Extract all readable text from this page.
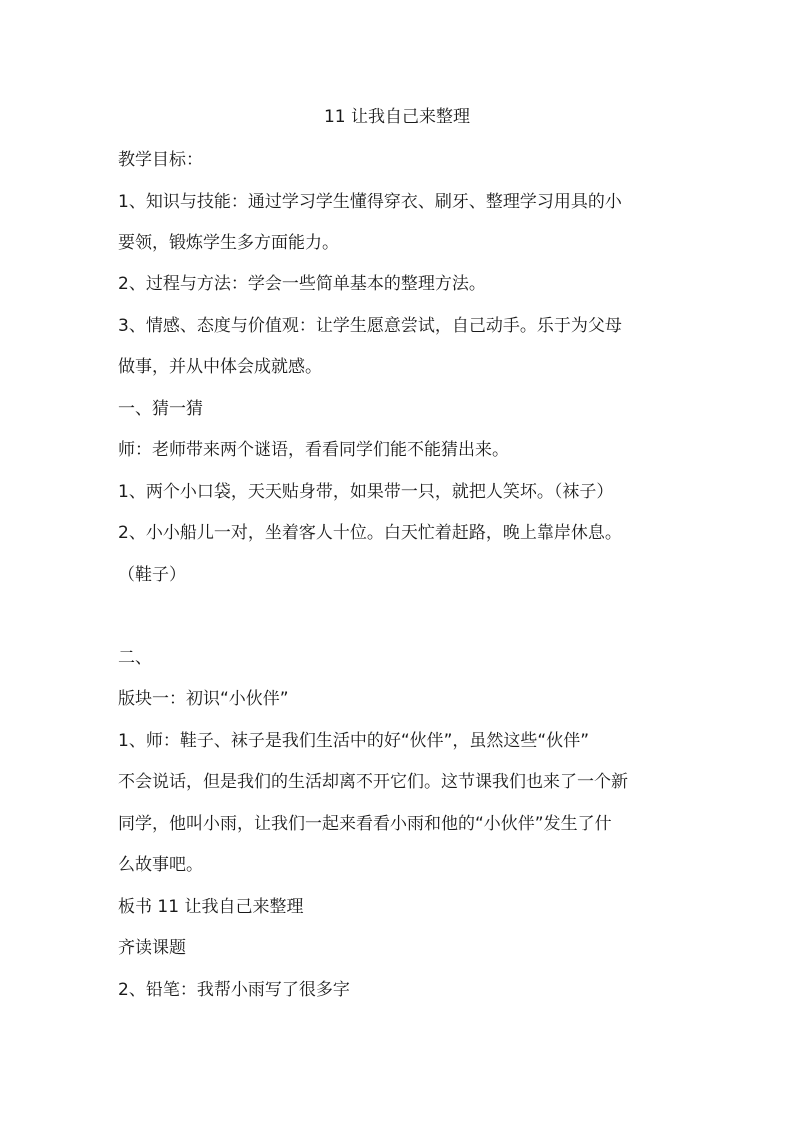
11 让我自己来整理
教学目标：
1、知识与技能：通过学习学生懂得穿衣、刷牙、整理学习用具的小
要领，锻炼学生多方面能力。
2、过程与方法：学会一些简单基本的整理方法。
3、情感、态度与价值观：让学生愿意尝试，自己动手。乐于为父母
做事，并从中体会成就感。
一、猜一猜
师：老师带来两个谜语，看看同学们能不能猜出来。
1、两个小口袋，天天贴身带，如果带一只，就把人笑坏。（袜子）
2、小小船儿一对，坐着客人十位。白天忙着赶路，晚上靠岸休息。
（鞋子）
二、
版块一：初识“小伙伴”
1、师：鞋子、袜子是我们生活中的好“伙伴”，虽然这些“伙伴”
不会说话，但是我们的生活却离不开它们。这节课我们也来了一个新
同学，他叫小雨，让我们一起来看看小雨和他的“小伙伴”发生了什
么故事吧。
板书 11 让我自己来整理
齐读课题
2、铅笔：我帮小雨写了很多字
